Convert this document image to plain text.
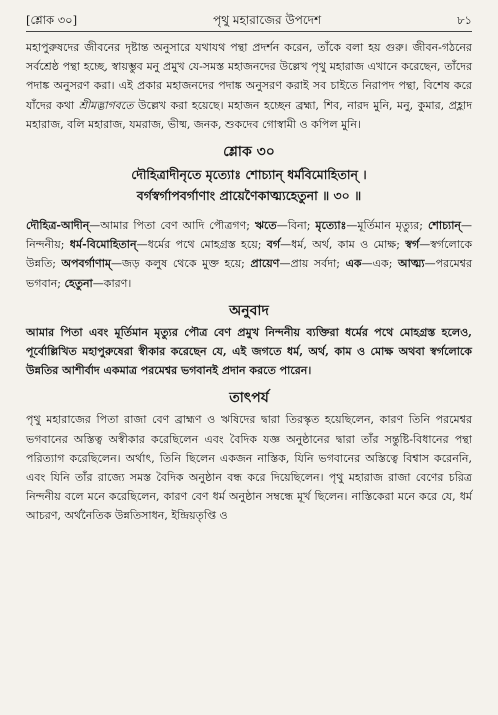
[শ্লোক ৩০]	পৃথু মহারাজের উপদেশ	৮১

মহাপুরুষদের জীবনের দৃষ্টান্ত অনুসারে যথাযথ পন্থা প্রদর্শন করেন, তাঁকে বলা হয় গুরু। জীবন-গঠনের সর্বশ্রেষ্ঠ পন্থা হচ্ছে, স্বায়ম্ভুব মনু প্রমুখ যে-সমস্ত মহাজনদের উল্লেখ পৃথু মহারাজ এখানে করেছেন, তাঁদের পদাঙ্ক অনুসরণ করা। এই প্রকার মহাজনদের পদাঙ্ক অনুসরণ করাই সব চাইতে নিরাপদ পন্থা, বিশেষ করে যাঁদের কথা শ্রীমদ্ভাগবতে উল্লেখ করা হয়েছে। মহাজন হচ্ছেন ব্রহ্মা, শিব, নারদ মুনি, মনু, কুমার, প্রহ্লাদ মহারাজ, বলি মহারাজ, যমরাজ, ভীষ্ম, জনক, শুকদেব গোস্বামী ও কপিল মুনি।

শ্লোক ৩০

দৌহিত্রাদীনৃতে মৃত্যোঃ শোচ্যান্ ধর্মবিমোহিতান্ ।

বর্গস্বর্গাপবর্গাণাং প্রায়েণৈকাত্ম্যহেতুনা ॥ ৩০ ॥

দৌহিত্র-আদীন্—আমার পিতা বেণ আদি পৌত্রগণ; ঋতে—বিনা; মৃত্যোঃ—মূর্তিমান মৃত্যুর; শোচ্যান্—নিন্দনীয়; ধর্ম-বিমোহিতান্—ধর্মের পথে মোহগ্রস্ত হয়ে; বর্গ—ধর্ম, অর্থ, কাম ও মোক্ষ; স্বর্গ—স্বর্গলোকে উন্নতি; অপবর্গাণাম্—জড় কলুষ থেকে মুক্ত হয়ে; প্রায়েণ—প্রায় সর্বদা; এক—এক; আত্ম্য—পরমেশ্বর ভগবান; হেতুনা—কারণ।

অনুবাদ

আমার পিতা এবং মূর্তিমান মৃত্যুর পৌত্র বেণ প্রমুখ নিন্দনীয় ব্যক্তিরা ধর্মের পথে মোহগ্রস্ত হলেও, পূর্বোল্লিখিত মহাপুরুষেরা স্বীকার করেছেন যে, এই জগতে ধর্ম, অর্থ, কাম ও মোক্ষ অথবা স্বর্গলোকে উন্নতির আশীর্বাদ একমাত্র পরমেশ্বর ভগবানই প্রদান করতে পারেন।

তাৎপর্য

পৃথু মহারাজের পিতা রাজা বেণ ব্রাহ্মণ ও ঋষিদের দ্বারা তিরস্কৃত হয়েছিলেন, কারণ তিনি পরমেশ্বর ভগবানের অস্তিত্ব অস্বীকার করেছিলেন এবং বৈদিক যজ্ঞ অনুষ্ঠানের দ্বারা তাঁর সন্তুষ্টি-বিধানের পন্থা পরিত্যাগ করেছিলেন। অর্থাৎ, তিনি ছিলেন একজন নাস্তিক, যিনি ভগবানের অস্তিত্বে বিশ্বাস করেননি, এবং যিনি তাঁর রাজ্যে সমস্ত বৈদিক অনুষ্ঠান বন্ধ করে দিয়েছিলেন। পৃথু মহারাজ রাজা বেণের চরিত্র নিন্দনীয় বলে মনে করেছিলেন, কারণ বেণ ধর্ম অনুষ্ঠান সম্বন্ধে মূর্খ ছিলেন। নাস্তিকেরা মনে করে যে, ধর্ম আচরণ, অর্থনৈতিক উন্নতিসাধন, ইন্দ্রিয়তৃপ্তি ও
